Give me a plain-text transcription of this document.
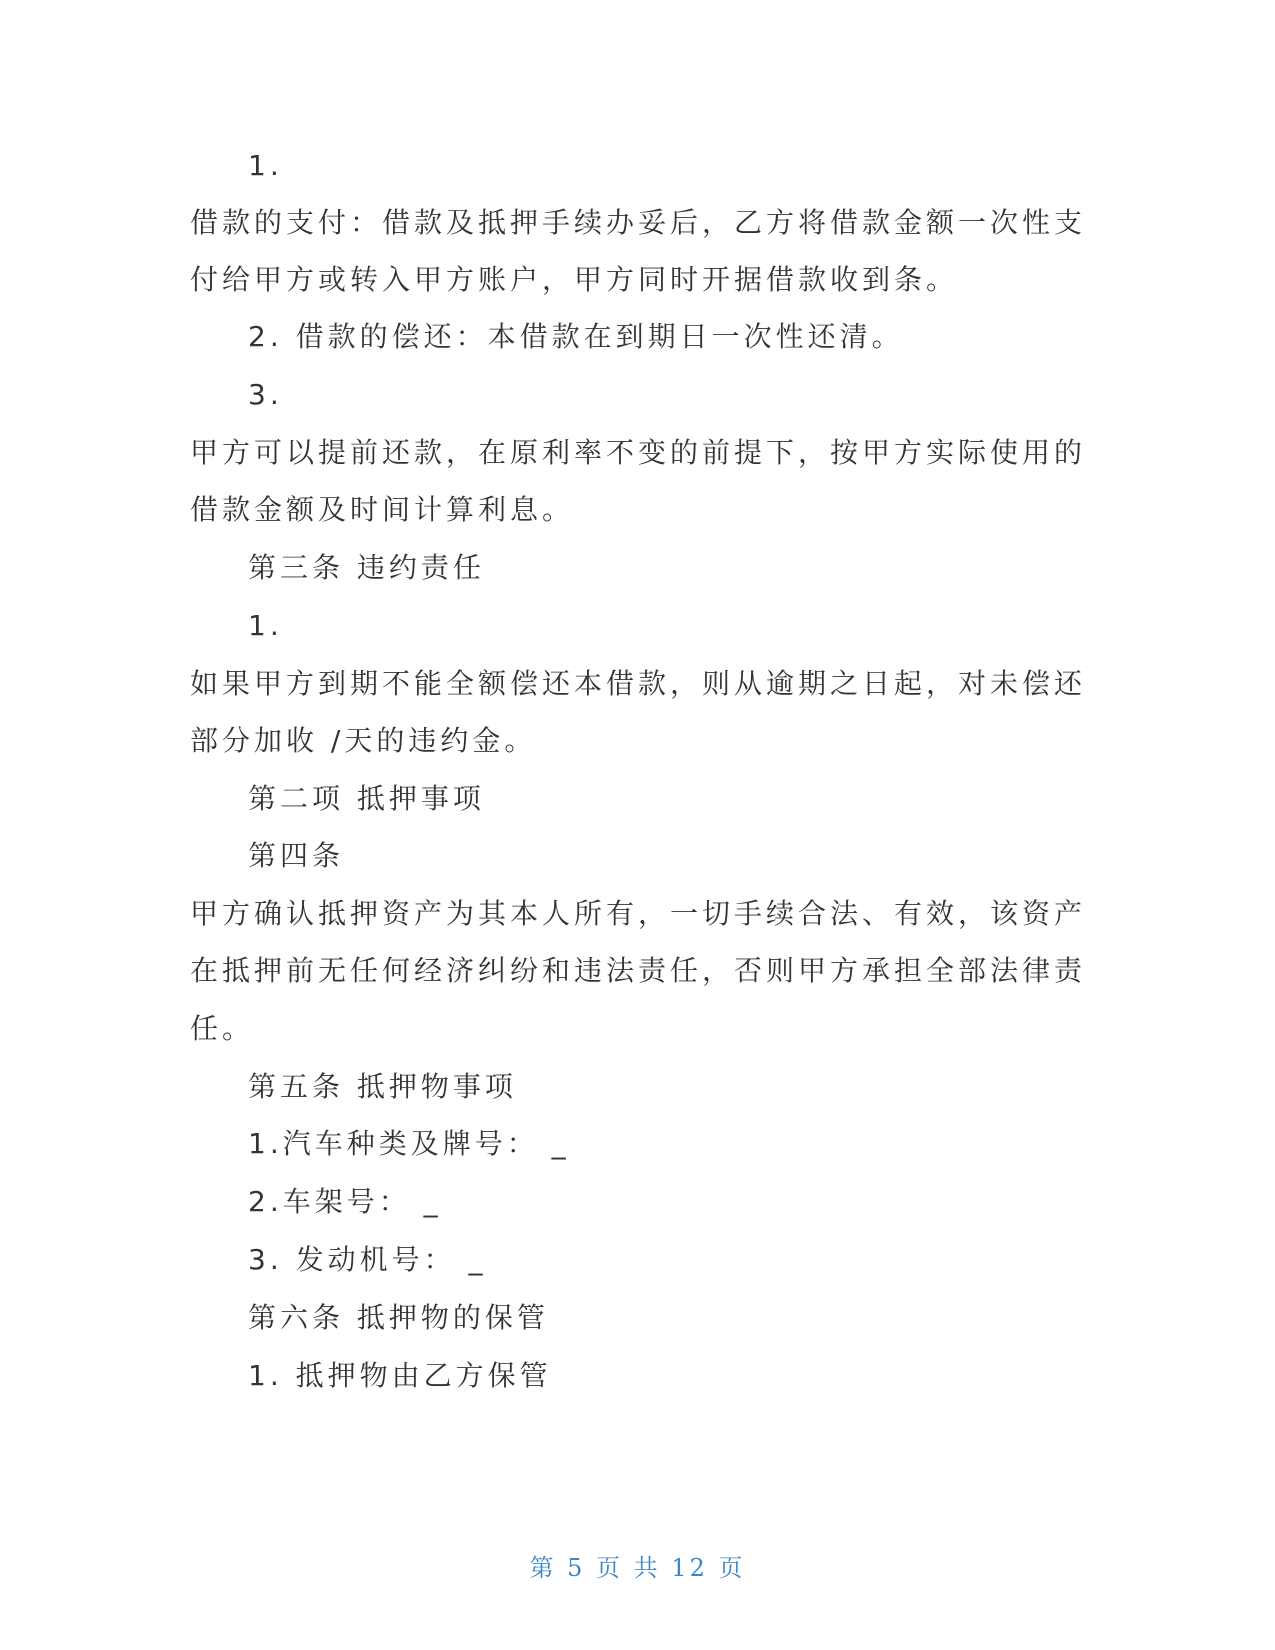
1.
借款的支付：借款及抵押手续办妥后，乙方将借款金额一次性支
付给甲方或转入甲方账户，甲方同时开据借款收到条。
2. 借款的偿还：本借款在到期日一次性还清。
3.
甲方可以提前还款，在原利率不变的前提下，按甲方实际使用的
借款金额及时间计算利息。
第三条 违约责任
1.
如果甲方到期不能全额偿还本借款，则从逾期之日起，对未偿还
部分加收 /天的违约金。
第二项 抵押事项
第四条
甲方确认抵押资产为其本人所有，一切手续合法、有效，该资产
在抵押前无任何经济纠纷和违法责任，否则甲方承担全部法律责
任。
第五条 抵押物事项
1.汽车种类及牌号： _
2.车架号： _
3. 发动机号： _
第六条 抵押物的保管
1. 抵押物由乙方保管
第 5 页 共 12 页
